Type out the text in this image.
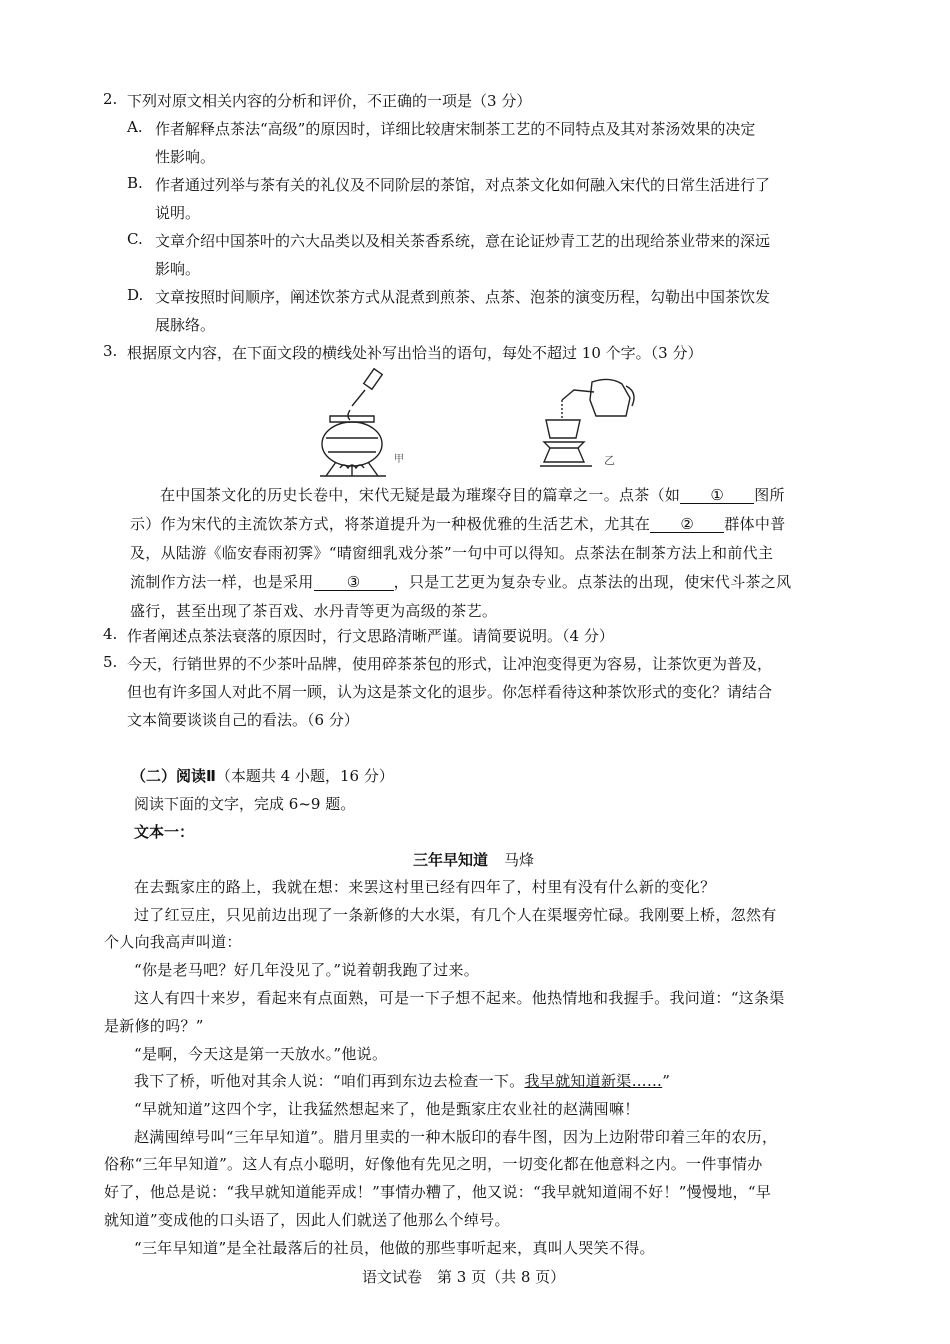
2. 下列对原文相关内容的分析和评价，不正确的一项是（3 分）
A. 作者解释点茶法“高级”的原因时，详细比较唐宋制茶工艺的不同特点及其对茶汤效果的决定
性影响。
B. 作者通过列举与茶有关的礼仪及不同阶层的茶馆，对点茶文化如何融入宋代的日常生活进行了
说明。
C. 文章介绍中国茶叶的六大品类以及相关茶香系统，意在论证炒青工艺的出现给茶业带来的深远
影响。
D. 文章按照时间顺序，阐述饮茶方式从混煮到煎茶、点茶、泡茶的演变历程，勾勒出中国茶饮发
展脉络。
3. 根据原文内容，在下面文段的横线处补写出恰当的语句，每处不超过 10 个字。（3 分）
甲	乙
在中国茶文化的历史长卷中，宋代无疑是最为璀璨夺目的篇章之一。点茶（如 ① 图所
示）作为宋代的主流饮茶方式，将茶道提升为一种极优雅的生活艺术，尤其在 ② 群体中普
及，从陆游《临安春雨初霁》“晴窗细乳戏分茶”一句中可以得知。点茶法在制茶方法上和前代主
流制作方法一样，也是采用 ③ ，只是工艺更为复杂专业。点茶法的出现，使宋代斗茶之风
盛行，甚至出现了茶百戏、水丹青等更为高级的茶艺。
4. 作者阐述点茶法衰落的原因时，行文思路清晰严谨。请简要说明。（4 分）
5. 今天，行销世界的不少茶叶品牌，使用碎茶茶包的形式，让冲泡变得更为容易，让茶饮更为普及，
但也有许多国人对此不屑一顾，认为这是茶文化的退步。你怎样看待这种茶饮形式的变化？请结合
文本简要谈谈自己的看法。（6 分）
（二）阅读Ⅱ（本题共 4 小题，16 分）
阅读下面的文字，完成 6~9 题。
文本一：
三年早知道 马烽
在去甄家庄的路上，我就在想：来罢这村里已经有四年了，村里有没有什么新的变化？
过了红豆庄，只见前边出现了一条新修的大水渠，有几个人在渠堰旁忙碌。我刚要上桥，忽然有
个人向我高声叫道：
“你是老马吧？好几年没见了。”说着朝我跑了过来。
这人有四十来岁，看起来有点面熟，可是一下子想不起来。他热情地和我握手。我问道：“这条渠
是新修的吗？”
“是啊，今天这是第一天放水。”他说。
我下了桥，听他对其余人说：“咱们再到东边去检查一下。我早就知道新渠……”
“早就知道”这四个字，让我猛然想起来了，他是甄家庄农业社的赵满囤嘛！
赵满囤绰号叫“三年早知道”。腊月里卖的一种木版印的春牛图，因为上边附带印着三年的农历，
俗称“三年早知道”。这人有点小聪明，好像他有先见之明，一切变化都在他意料之内。一件事情办
好了，他总是说：“我早就知道能弄成！”事情办糟了，他又说：“我早就知道闹不好！”慢慢地，“早
就知道”变成他的口头语了，因此人们就送了他那么个绰号。
“三年早知道”是全社最落后的社员，他做的那些事听起来，真叫人哭笑不得。
语文试卷　第 3 页（共 8 页）
